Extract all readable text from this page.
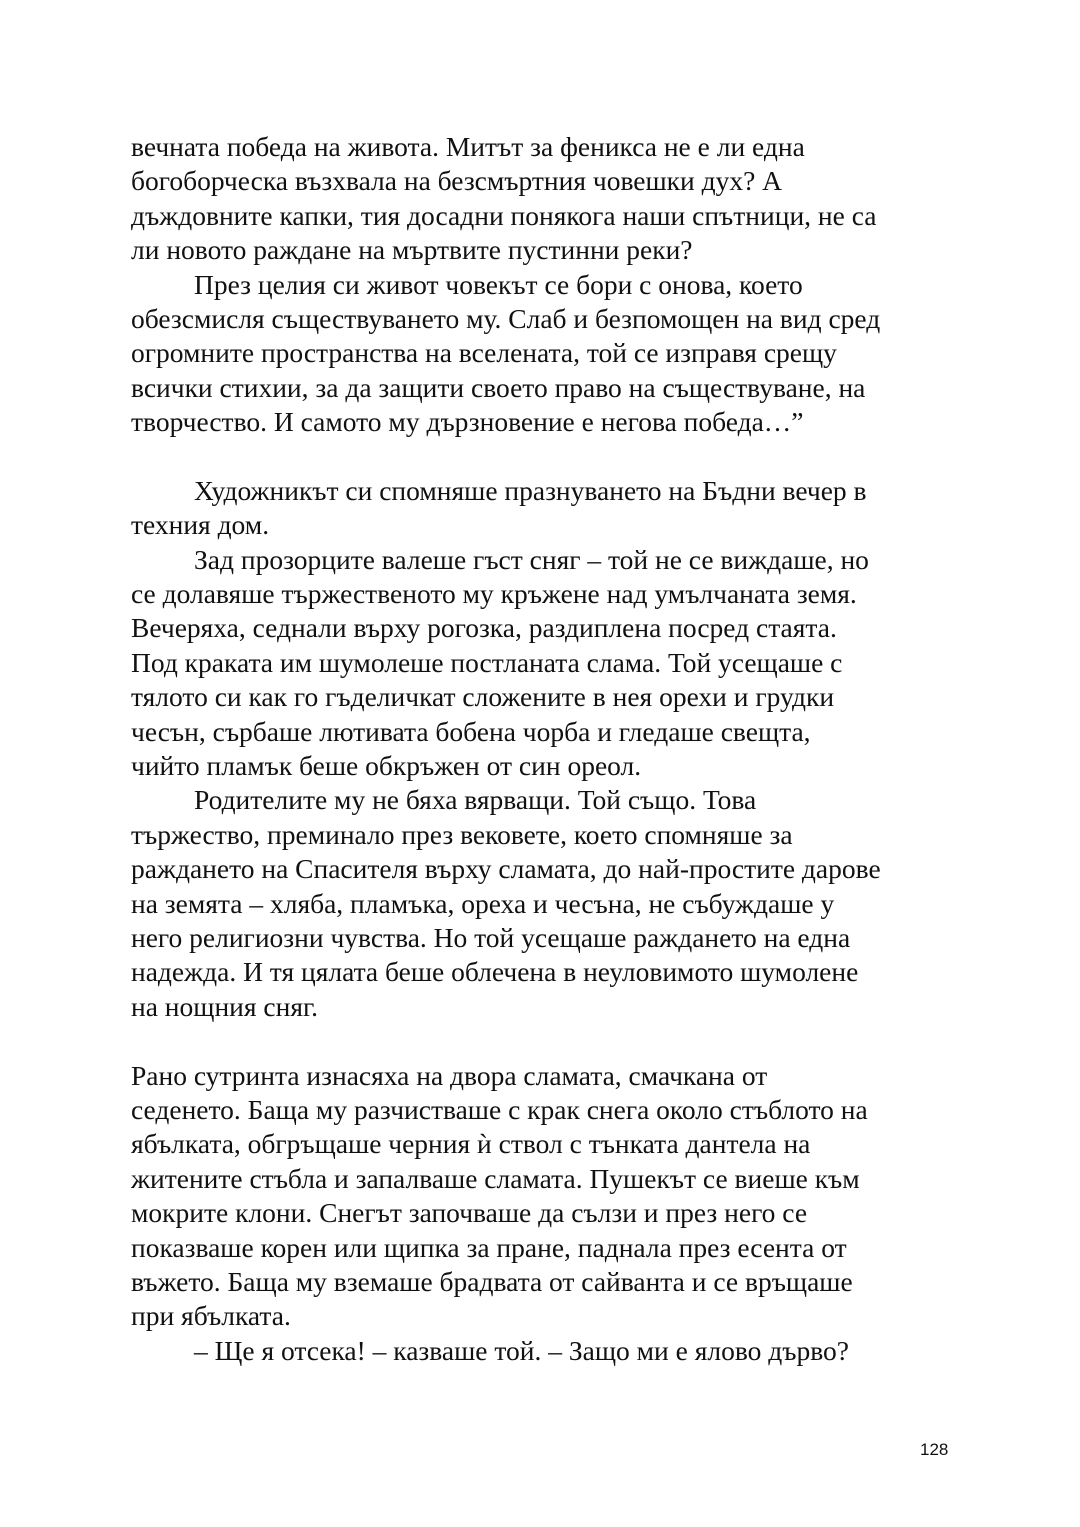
вечната победа на живота. Митът за феникса не е ли една
богоборческа възхвала на безсмъртния човешки дух? А
дъждовните капки, тия досадни понякога наши спътници, не са
ли новото раждане на мъртвите пустинни реки?
През целия си живот човекът се бори с онова, което
обезсмисля съществуването му. Слаб и безпомощен на вид сред
огромните пространства на вселената, той се изправя срещу
всички стихии, за да защити своето право на съществуване, на
творчество. И самото му дързновение е негова победа…”
Художникът си спомняше празнуването на Бъдни вечер в
техния дом.
Зад прозорците валеше гъст сняг – той не се виждаше, но
се долавяше тържественото му кръжене над умълчаната земя.
Вечеряха, седнали върху рогозка, раздиплена посред стаята.
Под краката им шумолеше постланата слама. Той усещаше с
тялото си как го гъделичкат сложените в нея орехи и грудки
чесън, сърбаше лютивата бобена чорба и гледаше свещта,
чийто пламък беше обкръжен от син ореол.
Родителите му не бяха вярващи. Той също. Това
тържество, преминало през вековете, което спомняше за
раждането на Спасителя върху сламата, до най-простите дарове
на земята – хляба, пламъка, ореха и чесъна, не събуждаше у
него религиозни чувства. Но той усещаше раждането на една
надежда. И тя цялата беше облечена в неуловимото шумолене
на нощния сняг.
Рано сутринта изнасяха на двора сламата, смачкана от
седенето. Баща му разчистваше с крак снега около стъблото на
ябълката, обгръщаше черния ѝ ствол с тънката дантела на
житените стъбла и запалваше сламата. Пушекът се виеше към
мокрите клони. Снегът започваше да сълзи и през него се
показваше корен или щипка за пране, паднала през есента от
въжето. Баща му вземаше брадвата от сайванта и се връщаше
при ябълката.
– Ще я отсека! – казваше той. – Защо ми е ялово дърво?
128
